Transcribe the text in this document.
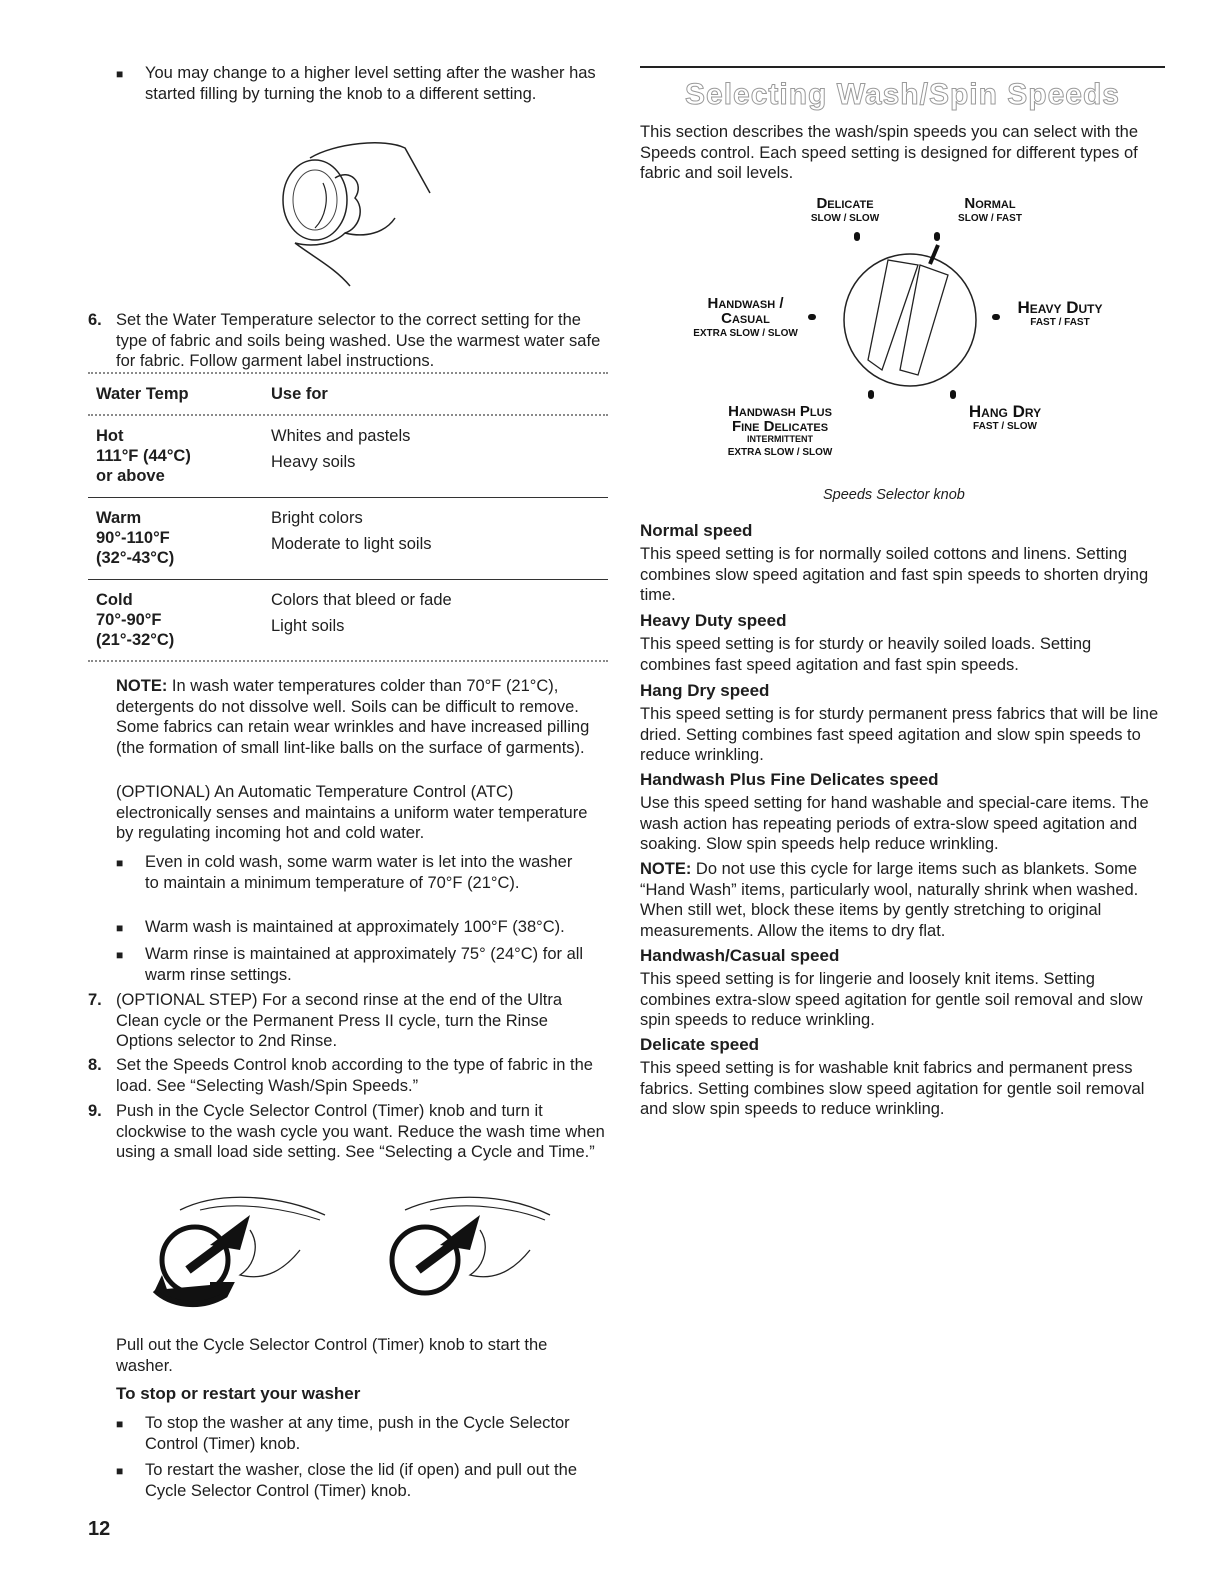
■ You may change to a higher level setting after the washer has started filling by turning the knob to a different setting.
6. Set the Water Temperature selector to the correct setting for the type of fabric and soils being washed. Use the warmest water safe for fabric. Follow garment label instructions.
Water Temp	Use for
Hot
111°F (44°C)
or above
Whites and pastels
Heavy soils
Warm
90°-110°F
(32°-43°C)
Bright colors
Moderate to light soils
Cold
70°-90°F
(21°-32°C)
Colors that bleed or fade
Light soils
NOTE: In wash water temperatures colder than 70°F (21°C), detergents do not dissolve well. Soils can be difficult to remove. Some fabrics can retain wear wrinkles and have increased pilling (the formation of small lint-like balls on the surface of garments).
(OPTIONAL) An Automatic Temperature Control (ATC) electronically senses and maintains a uniform water temperature by regulating incoming hot and cold water.
■ Even in cold wash, some warm water is let into the washer to maintain a minimum temperature of 70°F (21°C).
■ Warm wash is maintained at approximately 100°F (38°C).
■ Warm rinse is maintained at approximately 75° (24°C) for all warm rinse settings.
7. (OPTIONAL STEP) For a second rinse at the end of the Ultra Clean cycle or the Permanent Press II cycle, turn the Rinse Options selector to 2nd Rinse.
8. Set the Speeds Control knob according to the type of fabric in the load. See “Selecting Wash/Spin Speeds.”
9. Push in the Cycle Selector Control (Timer) knob and turn it clockwise to the wash cycle you want. Reduce the wash time when using a small load side setting. See “Selecting a Cycle and Time.”
Pull out the Cycle Selector Control (Timer) knob to start the washer.
To stop or restart your washer
■ To stop the washer at any time, push in the Cycle Selector Control (Timer) knob.
■ To restart the washer, close the lid (if open) and pull out the Cycle Selector Control (Timer) knob.
12
Selecting Wash/Spin Speeds
This section describes the wash/spin speeds you can select with the Speeds control. Each speed setting is designed for different types of fabric and soil levels.
Delicate
SLOW / SLOW
Normal
SLOW / FAST
Handwash /
Casual
EXTRA SLOW / SLOW
Heavy Duty
FAST / FAST
Handwash Plus
Fine Delicates
INTERMITTENT
EXTRA SLOW / SLOW
Hang Dry
FAST / SLOW
Speeds Selector knob
Normal speed
This speed setting is for normally soiled cottons and linens. Setting combines slow speed agitation and fast spin speeds to shorten drying time.
Heavy Duty speed
This speed setting is for sturdy or heavily soiled loads. Setting combines fast speed agitation and fast spin speeds.
Hang Dry speed
This speed setting is for sturdy permanent press fabrics that will be line dried. Setting combines fast speed agitation and slow spin speeds to reduce wrinkling.
Handwash Plus Fine Delicates speed
Use this speed setting for hand washable and special-care items. The wash action has repeating periods of extra-slow speed agitation and soaking. Slow spin speeds help reduce wrinkling.
NOTE: Do not use this cycle for large items such as blankets. Some “Hand Wash” items, particularly wool, naturally shrink when washed. When still wet, block these items by gently stretching to original measurements. Allow the items to dry flat.
Handwash/Casual speed
This speed setting is for lingerie and loosely knit items. Setting combines extra-slow speed agitation for gentle soil removal and slow spin speeds to reduce wrinkling.
Delicate speed
This speed setting is for washable knit fabrics and permanent press fabrics. Setting combines slow speed agitation for gentle soil removal and slow spin speeds to reduce wrinkling.
